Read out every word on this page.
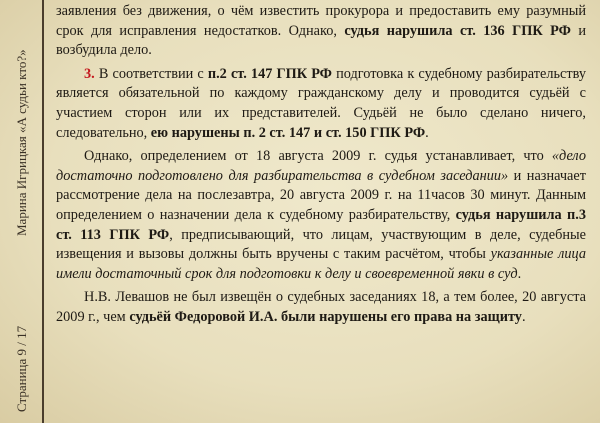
Марина Игрицкая «А судьи кто?»
Страница 9 / 17

заявления без движения, о чём известить прокурора и предоставить ему разумный срок для исправления недостатков. Однако, судья нарушила ст. 136 ГПК РФ и возбудила дело.

3. В соответствии с п.2 ст. 147 ГПК РФ подготовка к судебному разбирательству является обязательной по каждому гражданскому делу и проводится судьёй с участием сторон или их представителей. Судьёй не было сделано ничего, следовательно, ею нарушены п. 2 ст. 147 и ст. 150 ГПК РФ.

Однако, определением от 18 августа 2009 г. судья устанавливает, что «дело достаточно подготовлено для разбирательства в судебном заседании» и назначает рассмотрение дела на послезавтра, 20 августа 2009 г. на 11часов 30 минут. Данным определением о назначении дела к судебному разбирательству, судья нарушила п.3 ст. 113 ГПК РФ, предписывающий, что лицам, участвующим в деле, судебные извещения и вызовы должны быть вручены с таким расчётом, чтобы указанные лица имели достаточный срок для подготовки к делу и своевременной явки в суд.

Н.В. Левашов не был извещён о судебных заседаниях 18, а тем более, 20 августа 2009 г., чем судьёй Федоровой И.А. были нарушены его права на защиту.
